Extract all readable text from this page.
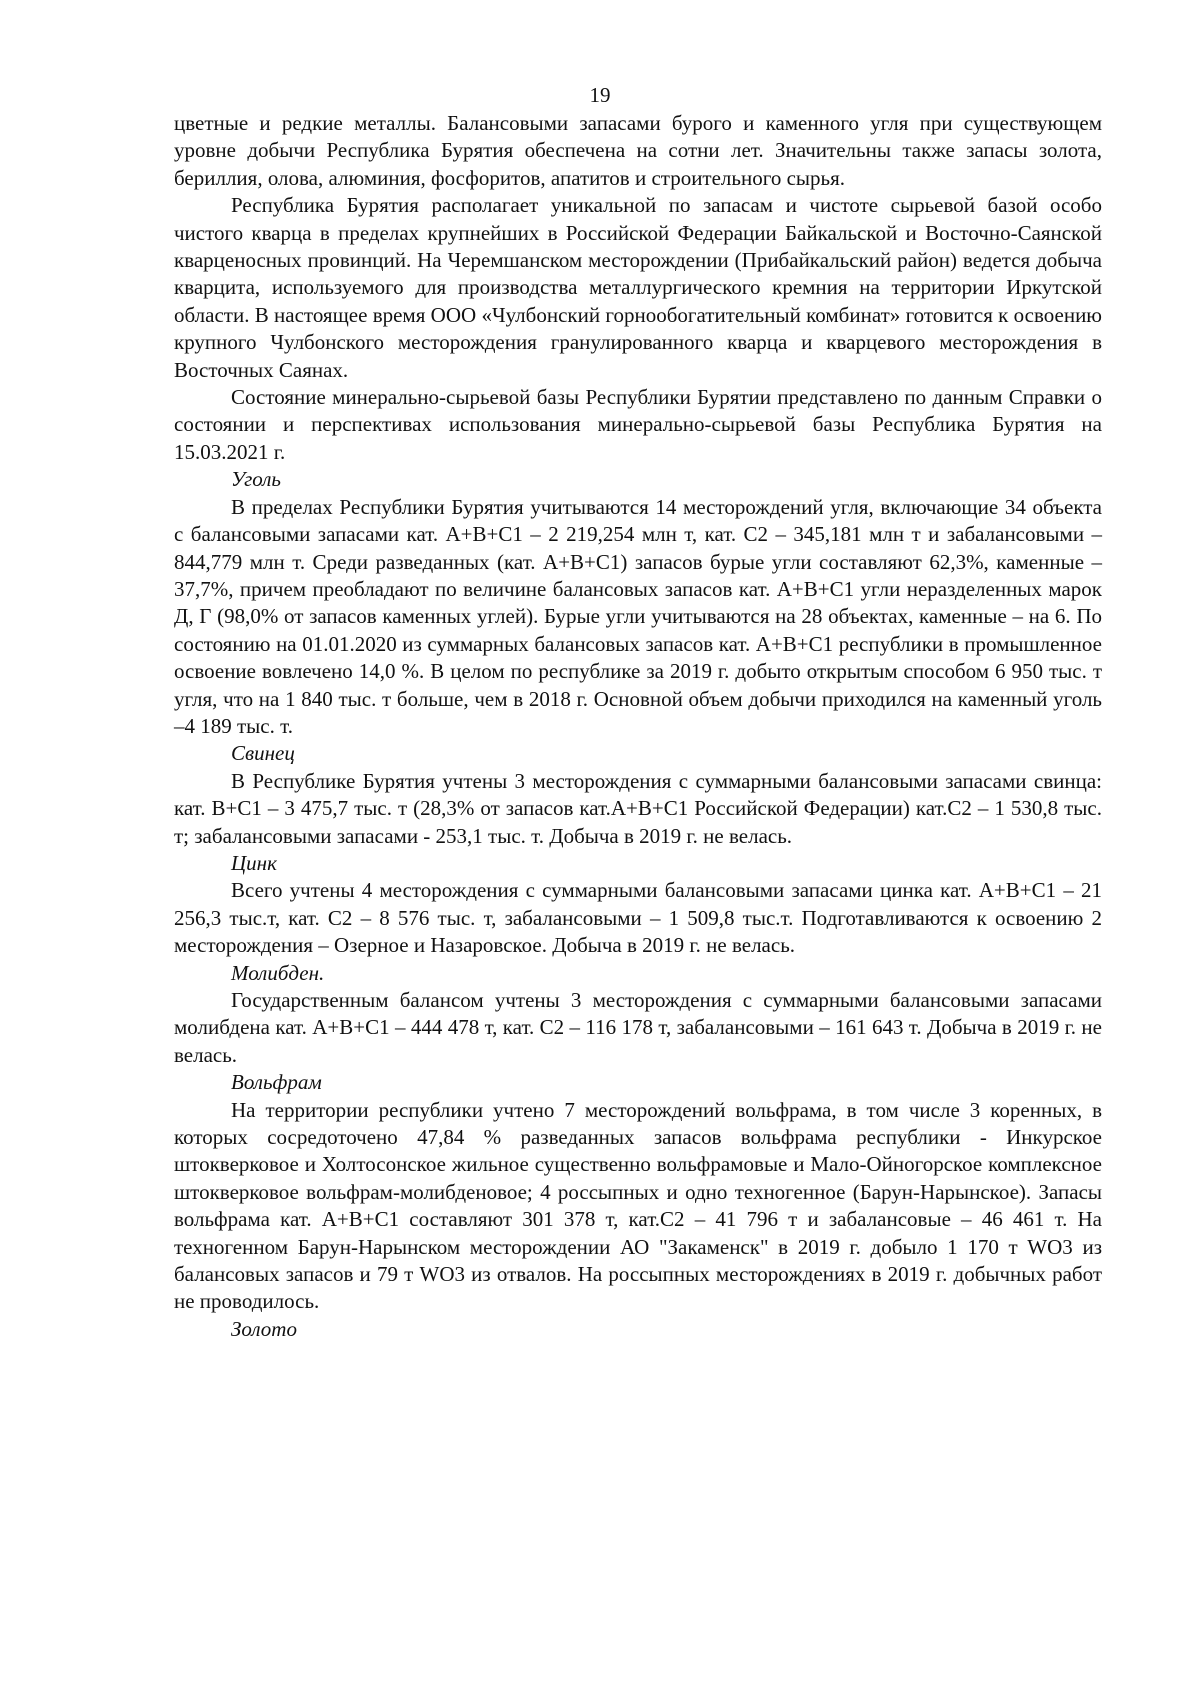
19

цветные и редкие металлы. Балансовыми запасами бурого и каменного угля при существующем уровне добычи Республика Бурятия обеспечена на сотни лет. Значительны также запасы золота, бериллия, олова, алюминия, фосфоритов, апатитов и строительного сырья.

Республика Бурятия располагает уникальной по запасам и чистоте сырьевой базой особо чистого кварца в пределах крупнейших в Российской Федерации Байкальской и Восточно-Саянской кварценосных провинций. На Черемшанском месторождении (Прибайкальский район) ведется добыча кварцита, используемого для производства металлургического кремния на территории Иркутской области. В настоящее время ООО «Чулбонский горнообогатительный комбинат» готовится к освоению крупного Чулбонского месторождения гранулированного кварца и кварцевого месторождения в Восточных Саянах.

Состояние минерально-сырьевой базы Республики Бурятии представлено по данным Справки о состоянии и перспективах использования минерально-сырьевой базы Республика Бурятия на 15.03.2021 г.

Уголь

В пределах Республики Бурятия учитываются 14 месторождений угля, включающие 34 объекта с балансовыми запасами кат. А+В+С1 – 2 219,254 млн т, кат. С2 – 345,181 млн т и забалансовыми – 844,779 млн т. Среди разведанных (кат. А+В+С1) запасов бурые угли составляют 62,3%, каменные – 37,7%, причем преобладают по величине балансовых запасов кат. А+В+С1 угли неразделенных марок Д, Г (98,0% от запасов каменных углей). Бурые угли учитываются на 28 объектах, каменные – на 6. По состоянию на 01.01.2020 из суммарных балансовых запасов кат. А+В+С1 республики в промышленное освоение вовлечено 14,0 %. В целом по республике за 2019 г. добыто открытым способом 6 950 тыс. т угля, что на 1 840 тыс. т больше, чем в 2018 г. Основной объем добычи приходился на каменный уголь –4 189 тыс. т.

Свинец

В Республике Бурятия учтены 3 месторождения с суммарными балансовыми запасами свинца: кат. В+С1 – 3 475,7 тыс. т (28,3% от запасов кат.А+В+С1 Российской Федерации) кат.С2 – 1 530,8 тыс. т; забалансовыми запасами - 253,1 тыс. т. Добыча в 2019 г. не велась.

Цинк

Всего учтены 4 месторождения с суммарными балансовыми запасами цинка кат. А+В+С1 – 21 256,3 тыс.т, кат. С2 – 8 576 тыс. т, забалансовыми – 1 509,8 тыс.т. Подготавливаются к освоению 2 месторождения – Озерное и Назаровское. Добыча в 2019 г. не велась.

Молибден.

Государственным балансом учтены 3 месторождения с суммарными балансовыми запасами молибдена кат. А+В+С1 – 444 478 т, кат. С2 – 116 178 т, забалансовыми – 161 643 т. Добыча в 2019 г. не велась.

Вольфрам

На территории республики учтено 7 месторождений вольфрама, в том числе 3 коренных, в которых сосредоточено 47,84 % разведанных запасов вольфрама республики - Инкурское штокверковое и Холтосонское жильное существенно вольфрамовые и Мало-Ойногорское комплексное штокверковое вольфрам-молибденовое; 4 россыпных и одно техногенное (Барун-Нарынское). Запасы вольфрама кат. А+В+С1 составляют 301 378 т, кат.С2 – 41 796 т и забалансовые – 46 461 т. На техногенном Барун-Нарынском месторождении АО "Закаменск" в 2019 г. добыло 1 170 т WO3 из балансовых запасов и 79 т WO3 из отвалов. На россыпных месторождениях в 2019 г. добычных работ не проводилось.

Золото
